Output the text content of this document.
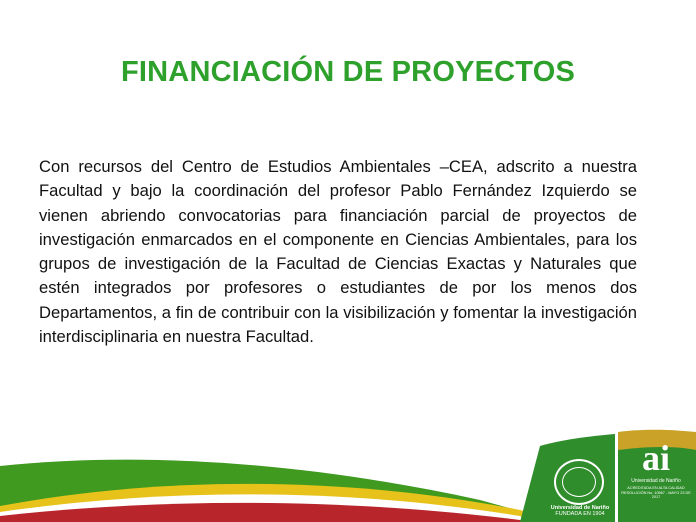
FINANCIACIÓN DE PROYECTOS
Con recursos del Centro de Estudios Ambientales –CEA, adscrito a nuestra Facultad y bajo la coordinación del profesor Pablo Fernández Izquierdo se vienen abriendo convocatorias para financiación parcial de proyectos de investigación enmarcados en el componente en Ciencias Ambientales, para los grupos de investigación de la Facultad de Ciencias Exactas y Naturales que estén integrados por profesores o estudiantes de por los menos dos Departamentos, a fin de contribuir con la visibilización y fomentar la investigación interdisciplinaria en nuestra Facultad.
Universidad de Nariño
FUNDADA EN 1904
ai
Universidad de Nariño
ACREDITADA EN ALTA CALIDAD RESOLUCIÓN No. 10567 - MAYO 23 DE 2017
